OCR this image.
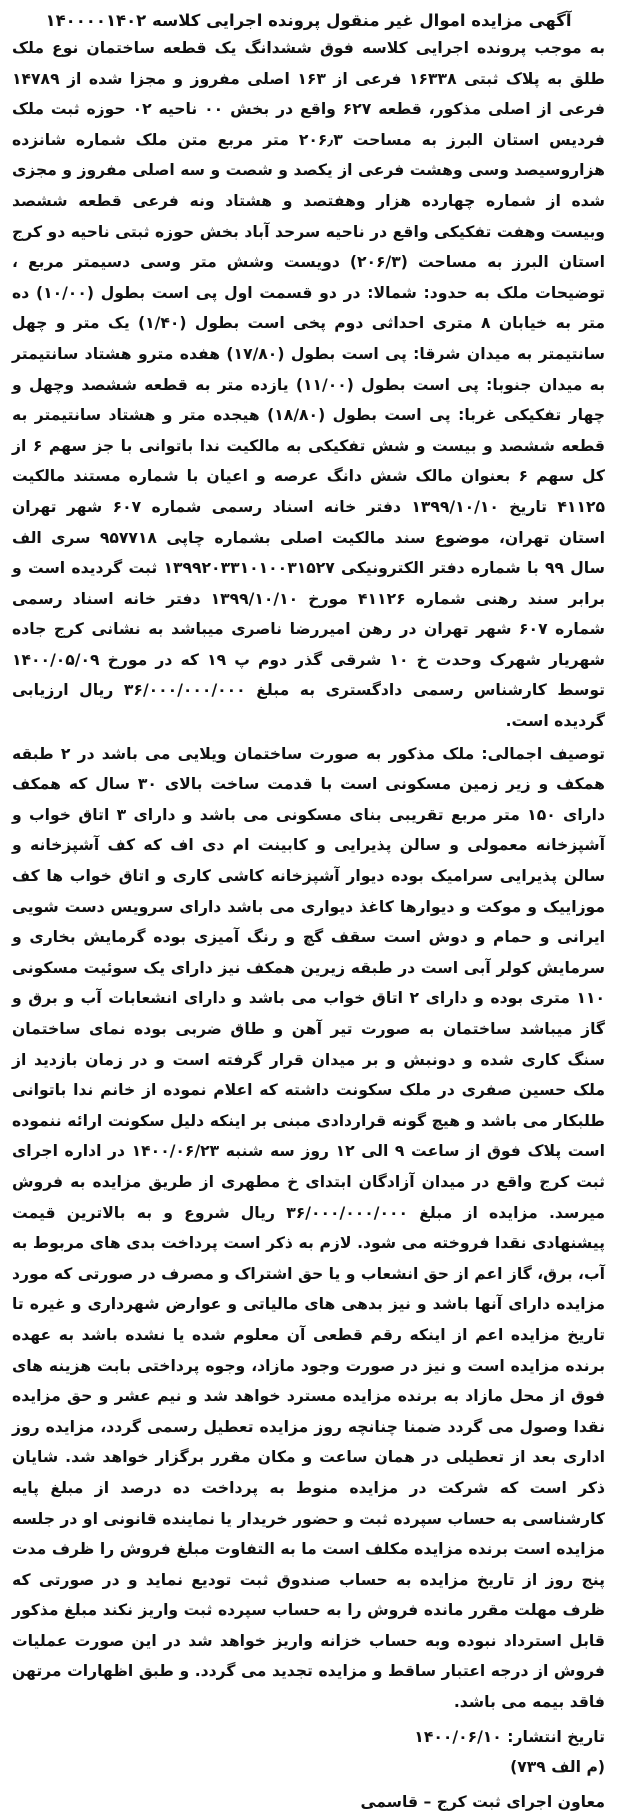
آگهی مزایده اموال غیر منقول پرونده اجرایی کلاسه ۱۴۰۰۰۰۱۴۰۲

به موجب پرونده اجرایی کلاسه فوق ششدانگ یک قطعه ساختمان نوع ملک طلق به پلاک ثبتی ۱۶۳۳۸ فرعی از ۱۶۳ اصلی مفروز و مجزا شده از ۱۴۷۸۹ فرعی از اصلی مذکور، قطعه ۶۲۷ واقع در بخش ۰۰ ناحیه ۰۲ حوزه ثبت ملک فردیس استان البرز به مساحت ۲۰۶٫۳ متر مربع متن ملک شماره شانزده هزاروسیصد وسی وهشت فرعی از یکصد و شصت و سه اصلی مفروز و مجزی شده از شماره چهارده هزار وهفتصد و هشتاد ونه فرعی قطعه ششصد وبیست وهفت تفکیکی واقع در ناحیه سرحد آباد بخش حوزه ثبتی ناحیه دو کرج استان البرز به مساحت (۲۰۶/۳) دویست وشش متر وسی دسیمتر مربع ، توضیحات ملک به حدود: شمالا: در دو قسمت اول پی است بطول (۱۰/۰۰) ده متر به خیابان ۸ متری احداثی دوم پخی است بطول (۱/۴۰) یک متر و چهل سانتیمتر به میدان شرقا: پی است بطول (۱۷/۸۰) هفده مترو هشتاد سانتیمتر به میدان جنوبا: پی است بطول (۱۱/۰۰) یازده متر به قطعه ششصد وچهل و چهار تفکیکی غربا: پی است بطول (۱۸/۸۰) هیجده متر و هشتاد سانتیمتر به قطعه ششصد و بیست و شش تفکیکی به مالکیت ندا باتوانی با جز سهم ۶ از کل سهم ۶ بعنوان مالک شش دانگ عرصه و اعیان با شماره مستند مالکیت ۴۱۱۲۵ تاریخ ۱۳۹۹/۱۰/۱۰ دفتر خانه اسناد رسمی شماره ۶۰۷ شهر تهران استان تهران، موضوع سند مالکیت اصلی بشماره چاپی ۹۵۷۷۱۸ سری الف سال ۹۹ با شماره دفتر الکترونیکی ۱۳۹۹۲۰۳۳۱۰۱۰۰۳۱۵۲۷ ثبت گردیده است و برابر سند رهنی شماره ۴۱۱۲۶ مورخ ۱۳۹۹/۱۰/۱۰ دفتر خانه اسناد رسمی شماره ۶۰۷ شهر تهران در رهن امیررضا ناصری میباشد به نشانی کرج جاده شهریار شهرک وحدت خ ۱۰ شرقی گذر دوم پ ۱۹ که در مورخ ۱۴۰۰/۰۵/۰۹ توسط کارشناس رسمی دادگستری به مبلغ ۳۶/۰۰۰/۰۰۰/۰۰۰ ریال ارزیابی گردیده است.

توصیف اجمالی: ملک مذکور به صورت ساختمان ویلایی می باشد در ۲ طبقه همکف و زیر زمین مسکونی است با قدمت ساخت بالای ۳۰ سال که همکف دارای ۱۵۰ متر مربع تقریبی بنای مسکونی می باشد و دارای ۳ اتاق خواب و آشپزخانه معمولی و سالن پذیرایی و کابینت ام دی اف که کف آشپزخانه و سالن پذیرایی سرامیک بوده دیوار آشپزخانه کاشی کاری و اتاق خواب ها کف موزاییک و موکت و دیوارها کاغذ دیواری می باشد دارای سرویس دست شویی ایرانی و حمام و دوش است سقف گچ و رنگ آمیزی بوده گرمایش بخاری و سرمایش کولر آبی است در طبقه زیرین همکف نیز دارای یک سوئیت مسکونی ۱۱۰ متری بوده و دارای ۲ اتاق خواب می باشد و دارای انشعابات آب و برق و گاز میباشد ساختمان به صورت تیر آهن و طاق ضربی بوده نمای ساختمان سنگ کاری شده و دونبش و بر میدان قرار گرفته است و در زمان بازدید از ملک حسین صفری در ملک سکونت داشته که اعلام نموده از خانم ندا باتوانی طلبکار می باشد و هیچ گونه قراردادی مبنی بر اینکه دلیل سکونت ارائه ننموده است پلاک فوق از ساعت ۹ الی ۱۲ روز سه شنبه ۱۴۰۰/۰۶/۲۳ در اداره اجرای ثبت کرج واقع در میدان آزادگان ابتدای خ مطهری از طریق مزایده به فروش میرسد. مزایده از مبلغ ۳۶/۰۰۰/۰۰۰/۰۰۰ ریال شروع و به بالاترین قیمت پیشنهادی نقدا فروخته می شود. لازم به ذکر است پرداخت بدی های مربوط به آب، برق، گاز اعم از حق انشعاب و یا حق اشتراک و مصرف در صورتی که مورد مزایده دارای آنها باشد و نیز بدهی های مالیاتی و عوارض شهرداری و غیره تا تاریخ مزایده اعم از اینکه رقم قطعی آن معلوم شده یا نشده باشد به عهده برنده مزایده است و نیز در صورت وجود مازاد، وجوه پرداختی بابت هزینه های فوق از محل مازاد به برنده مزایده مسترد خواهد شد و نیم عشر و حق مزایده نقدا وصول می گردد ضمنا چنانچه روز مزایده تعطیل رسمی گردد، مزایده روز اداری بعد از تعطیلی در همان ساعت و مکان مقرر برگزار خواهد شد. شایان ذکر است که شرکت در مزایده منوط به پرداخت ده درصد از مبلغ پایه کارشناسی به حساب سپرده ثبت و حضور خریدار یا نماینده قانونی او در جلسه مزایده است برنده مزایده مکلف است ما به التفاوت مبلغ فروش را ظرف مدت پنج روز از تاریخ مزایده به حساب صندوق ثبت تودیع نماید و در صورتی که ظرف مهلت مقرر مانده فروش را به حساب سپرده ثبت واریز نکند مبلغ مذکور قابل استرداد نبوده وبه حساب خزانه واریز خواهد شد در این صورت عملیات فروش از درجه اعتبار ساقط و مزایده تجدید می گردد. و طبق اظهارات مرتهن فاقد بیمه می باشد.

تاریخ انتشار: ۱۴۰۰/۰۶/۱۰
(م الف ۷۳۹)
معاون اجرای ثبت کرج – قاسمی
